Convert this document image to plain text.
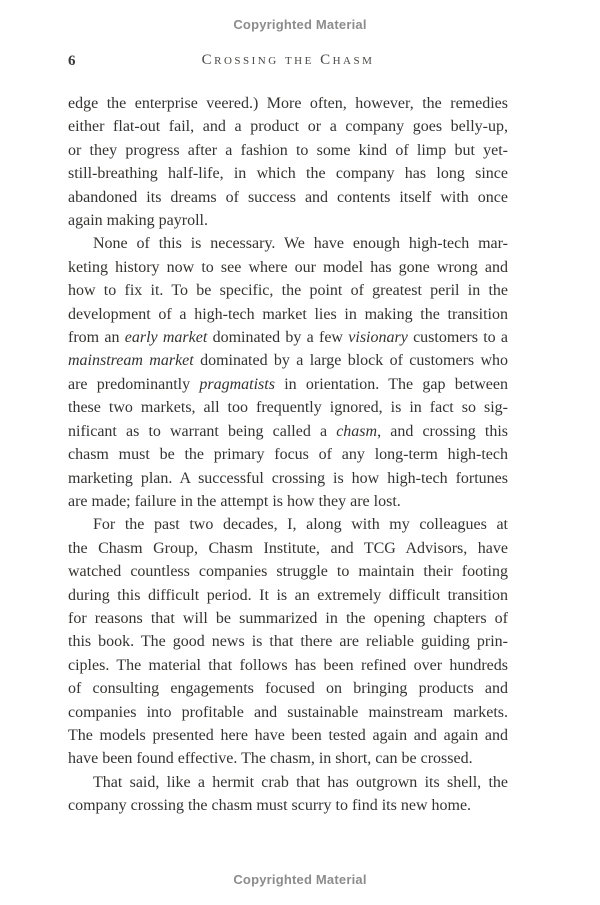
Copyrighted Material
6	Crossing the Chasm
edge the enterprise veered.) More often, however, the remedies
either flat-out fail, and a product or a company goes belly-up,
or they progress after a fashion to some kind of limp but yet-
still-breathing half-life, in which the company has long since
abandoned its dreams of success and contents itself with once
again making payroll.
None of this is necessary. We have enough high-tech mar-
keting history now to see where our model has gone wrong and
how to fix it. To be specific, the point of greatest peril in the
development of a high-tech market lies in making the transition
from an early market dominated by a few visionary customers to a
mainstream market dominated by a large block of customers who
are predominantly pragmatists in orientation. The gap between
these two markets, all too frequently ignored, is in fact so sig-
nificant as to warrant being called a chasm, and crossing this
chasm must be the primary focus of any long-term high-tech
marketing plan. A successful crossing is how high-tech fortunes
are made; failure in the attempt is how they are lost.
For the past two decades, I, along with my colleagues at
the Chasm Group, Chasm Institute, and TCG Advisors, have
watched countless companies struggle to maintain their footing
during this difficult period. It is an extremely difficult transition
for reasons that will be summarized in the opening chapters of
this book. The good news is that there are reliable guiding prin-
ciples. The material that follows has been refined over hundreds
of consulting engagements focused on bringing products and
companies into profitable and sustainable mainstream markets.
The models presented here have been tested again and again and
have been found effective. The chasm, in short, can be crossed.
That said, like a hermit crab that has outgrown its shell, the
company crossing the chasm must scurry to find its new home.
Copyrighted Material
